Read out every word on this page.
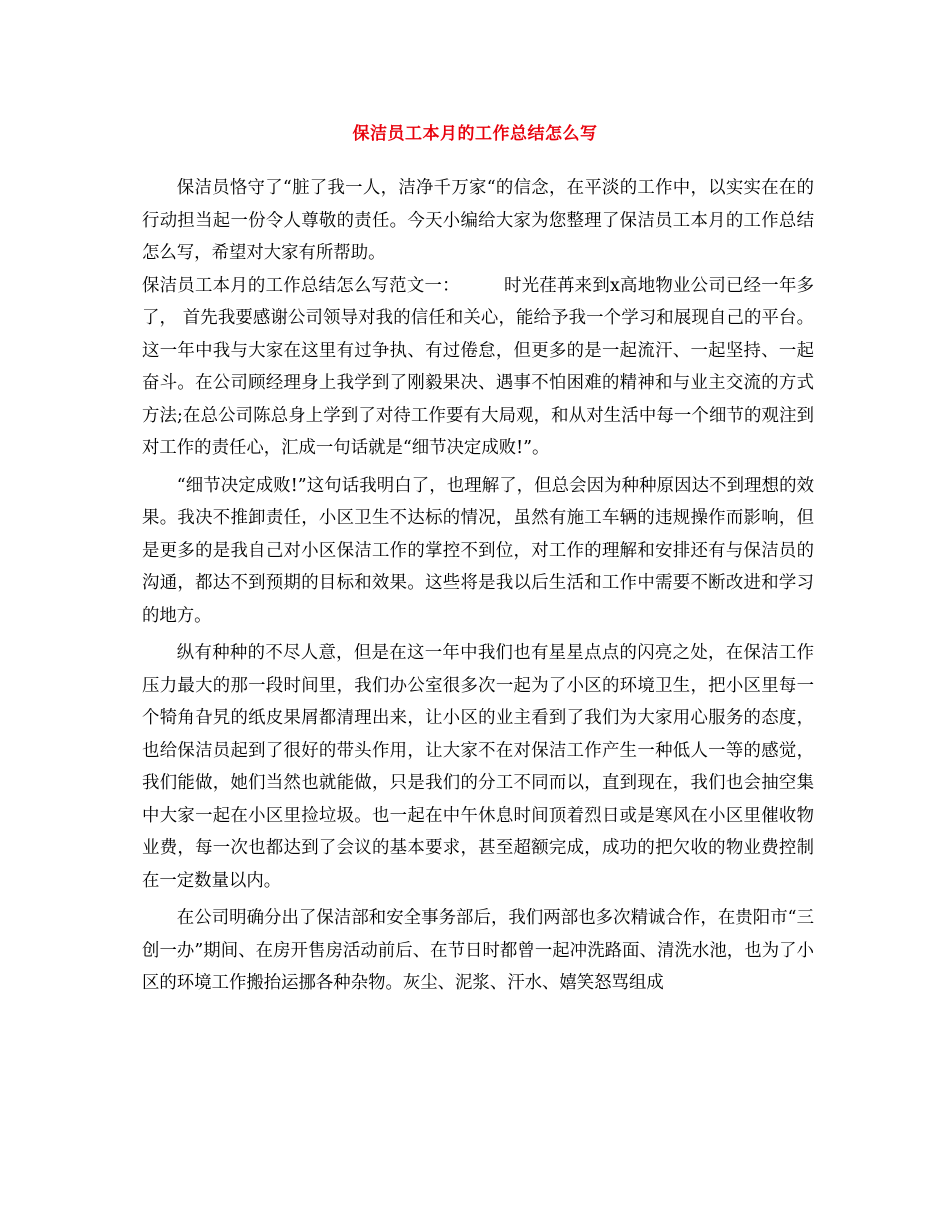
保洁员工本月的工作总结怎么写

保洁员恪守了“脏了我一人，洁净千万家“的信念，在平淡的工作中，以实实在在的行动担当起一份令人尊敬的责任。今天小编给大家为您整理了保洁员工本月的工作总结怎么写，希望对大家有所帮助。

保洁员工本月的工作总结怎么写范文一：	时光荏苒来到x高地物业公司已经一年多了， 首先我要感谢公司领导对我的信任和关心，能给予我一个学习和展现自己的平台。这一年中我与大家在这里有过争执、有过倦怠，但更多的是一起流汗、一起坚持、一起奋斗。在公司顾经理身上我学到了刚毅果决、遇事不怕困难的精神和与业主交流的方式方法;在总公司陈总身上学到了对待工作要有大局观，和从对生活中每一个细节的观注到对工作的责任心，汇成一句话就是“细节决定成败!”。

“细节决定成败!”这句话我明白了，也理解了，但总会因为种种原因达不到理想的效果。我决不推卸责任，小区卫生不达标的情况，虽然有施工车辆的违规操作而影响，但是更多的是我自己对小区保洁工作的掌控不到位，对工作的理解和安排还有与保洁员的沟通，都达不到预期的目标和效果。这些将是我以后生活和工作中需要不断改进和学习的地方。

纵有种种的不尽人意，但是在这一年中我们也有星星点点的闪亮之处，在保洁工作压力最大的那一段时间里，我们办公室很多次一起为了小区的环境卫生，把小区里每一个犄角旮旯的纸皮果屑都清理出来，让小区的业主看到了我们为大家用心服务的态度，也给保洁员起到了很好的带头作用，让大家不在对保洁工作产生一种低人一等的感觉，我们能做，她们当然也就能做，只是我们的分工不同而以，直到现在，我们也会抽空集中大家一起在小区里捡垃圾。也一起在中午休息时间顶着烈日或是寒风在小区里催收物业费，每一次也都达到了会议的基本要求，甚至超额完成，成功的把欠收的物业费控制在一定数量以内。

在公司明确分出了保洁部和安全事务部后，我们两部也多次精诚合作，在贵阳市“三创一办”期间、在房开售房活动前后、在节日时都曾一起冲洗路面、清洗水池，也为了小区的环境工作搬抬运挪各种杂物。灰尘、泥浆、汗水、嬉笑怒骂组成
